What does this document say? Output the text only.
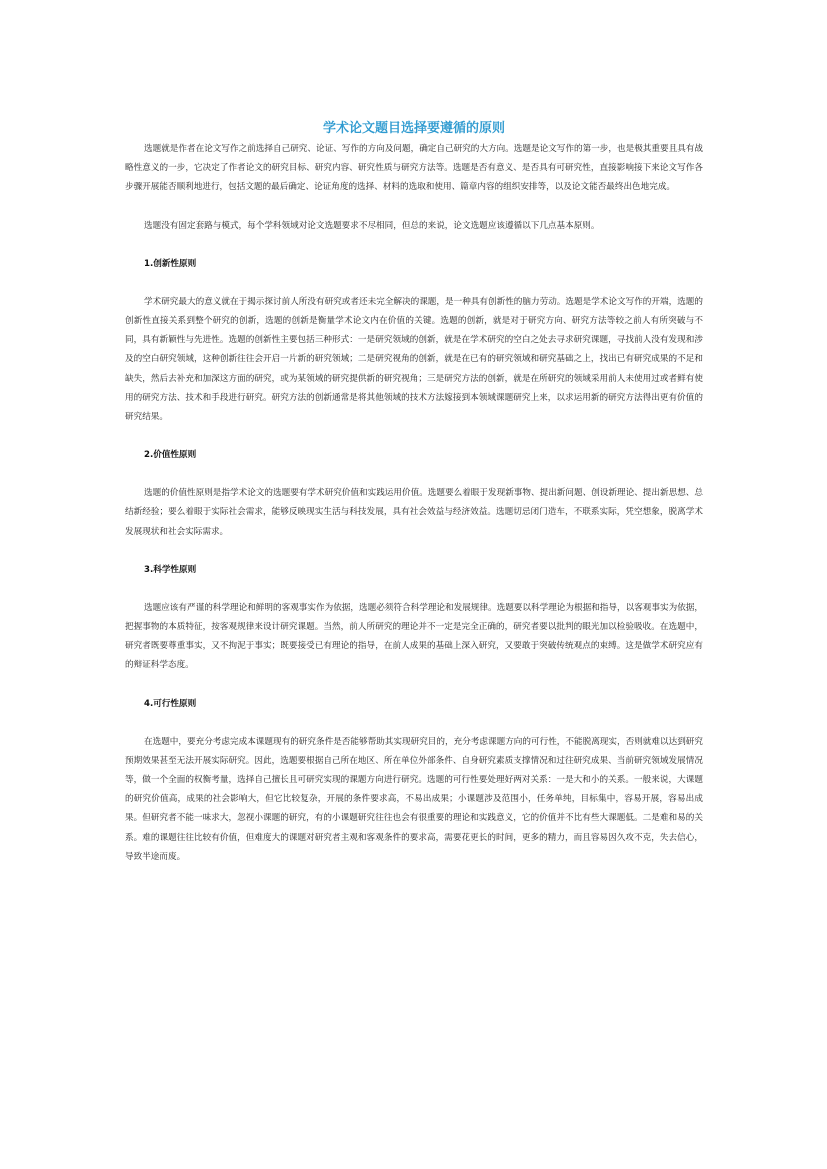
学术论文题目选择要遵循的原则

选题就是作者在论文写作之前选择自己研究、论证、写作的方向及问题，确定自己研究的大方向。选题是论文写作的第一步，也是极其重要且具有战略性意义的一步，它决定了作者论文的研究目标、研究内容、研究性质与研究方法等。选题是否有意义、是否具有可研究性，直接影响接下来论文写作各步骤开展能否顺利地进行，包括文题的最后确定、论证角度的选择、材料的选取和使用、篇章内容的组织安排等，以及论文能否最终出色地完成。

选题没有固定套路与模式，每个学科领域对论文选题要求不尽相同，但总的来说，论文选题应该遵循以下几点基本原则。

1.创新性原则

学术研究最大的意义就在于揭示探讨前人所没有研究或者还未完全解决的课题，是一种具有创新性的脑力劳动。选题是学术论文写作的开端，选题的创新性直接关系到整个研究的创新，选题的创新是衡量学术论文内在价值的关键。选题的创新，就是对于研究方向、研究方法等较之前人有所突破与不同，具有新颖性与先进性。选题的创新性主要包括三种形式：一是研究领域的创新，就是在学术研究的空白之处去寻求研究课题，寻找前人没有发现和涉及的空白研究领域，这种创新往往会开启一片新的研究领域；二是研究视角的创新，就是在已有的研究领域和研究基础之上，找出已有研究成果的不足和缺失，然后去补充和加深这方面的研究，或为某领域的研究提供新的研究视角；三是研究方法的创新，就是在所研究的领域采用前人未使用过或者鲜有使用的研究方法、技术和手段进行研究。研究方法的创新通常是将其他领域的技术方法嫁接到本领域课题研究上来，以求运用新的研究方法得出更有价值的研究结果。

2.价值性原则

选题的价值性原则是指学术论文的选题要有学术研究价值和实践运用价值。选题要么着眼于发现新事物、提出新问题、创设新理论、提出新思想、总结新经验；要么着眼于实际社会需求，能够反映现实生活与科技发展，具有社会效益与经济效益。选题切忌闭门造车，不联系实际，凭空想象，脱离学术发展现状和社会实际需求。

3.科学性原则

选题应该有严谨的科学理论和鲜明的客观事实作为依据，选题必须符合科学理论和发展规律。选题要以科学理论为根据和指导，以客观事实为依据，把握事物的本质特征，按客观规律来设计研究课题。当然，前人所研究的理论并不一定是完全正确的，研究者要以批判的眼光加以检验吸收。在选题中，研究者既要尊重事实，又不拘泥于事实；既要接受已有理论的指导，在前人成果的基础上深入研究，又要敢于突破传统观点的束缚。这是做学术研究应有的辩证科学态度。

4.可行性原则

在选题中，要充分考虑完成本课题现有的研究条件是否能够帮助其实现研究目的，充分考虑课题方向的可行性，不能脱离现实，否则就难以达到研究预期效果甚至无法开展实际研究。因此，选题要根据自己所在地区、所在单位外部条件、自身研究素质支撑情况和过往研究成果、当前研究领域发展情况等，做一个全面的权衡考量，选择自己擅长且可研究实现的课题方向进行研究。选题的可行性要处理好两对关系：一是大和小的关系。一般来说，大课题的研究价值高，成果的社会影响大，但它比较复杂，开展的条件要求高，不易出成果；小课题涉及范围小，任务单纯，目标集中，容易开展，容易出成果。但研究者不能一味求大，忽视小课题的研究，有的小课题研究往往也会有很重要的理论和实践意义，它的价值并不比有些大课题低。二是难和易的关系。难的课题往往比较有价值，但难度大的课题对研究者主观和客观条件的要求高，需要花更长的时间，更多的精力，而且容易因久攻不克，失去信心，导致半途而废。
